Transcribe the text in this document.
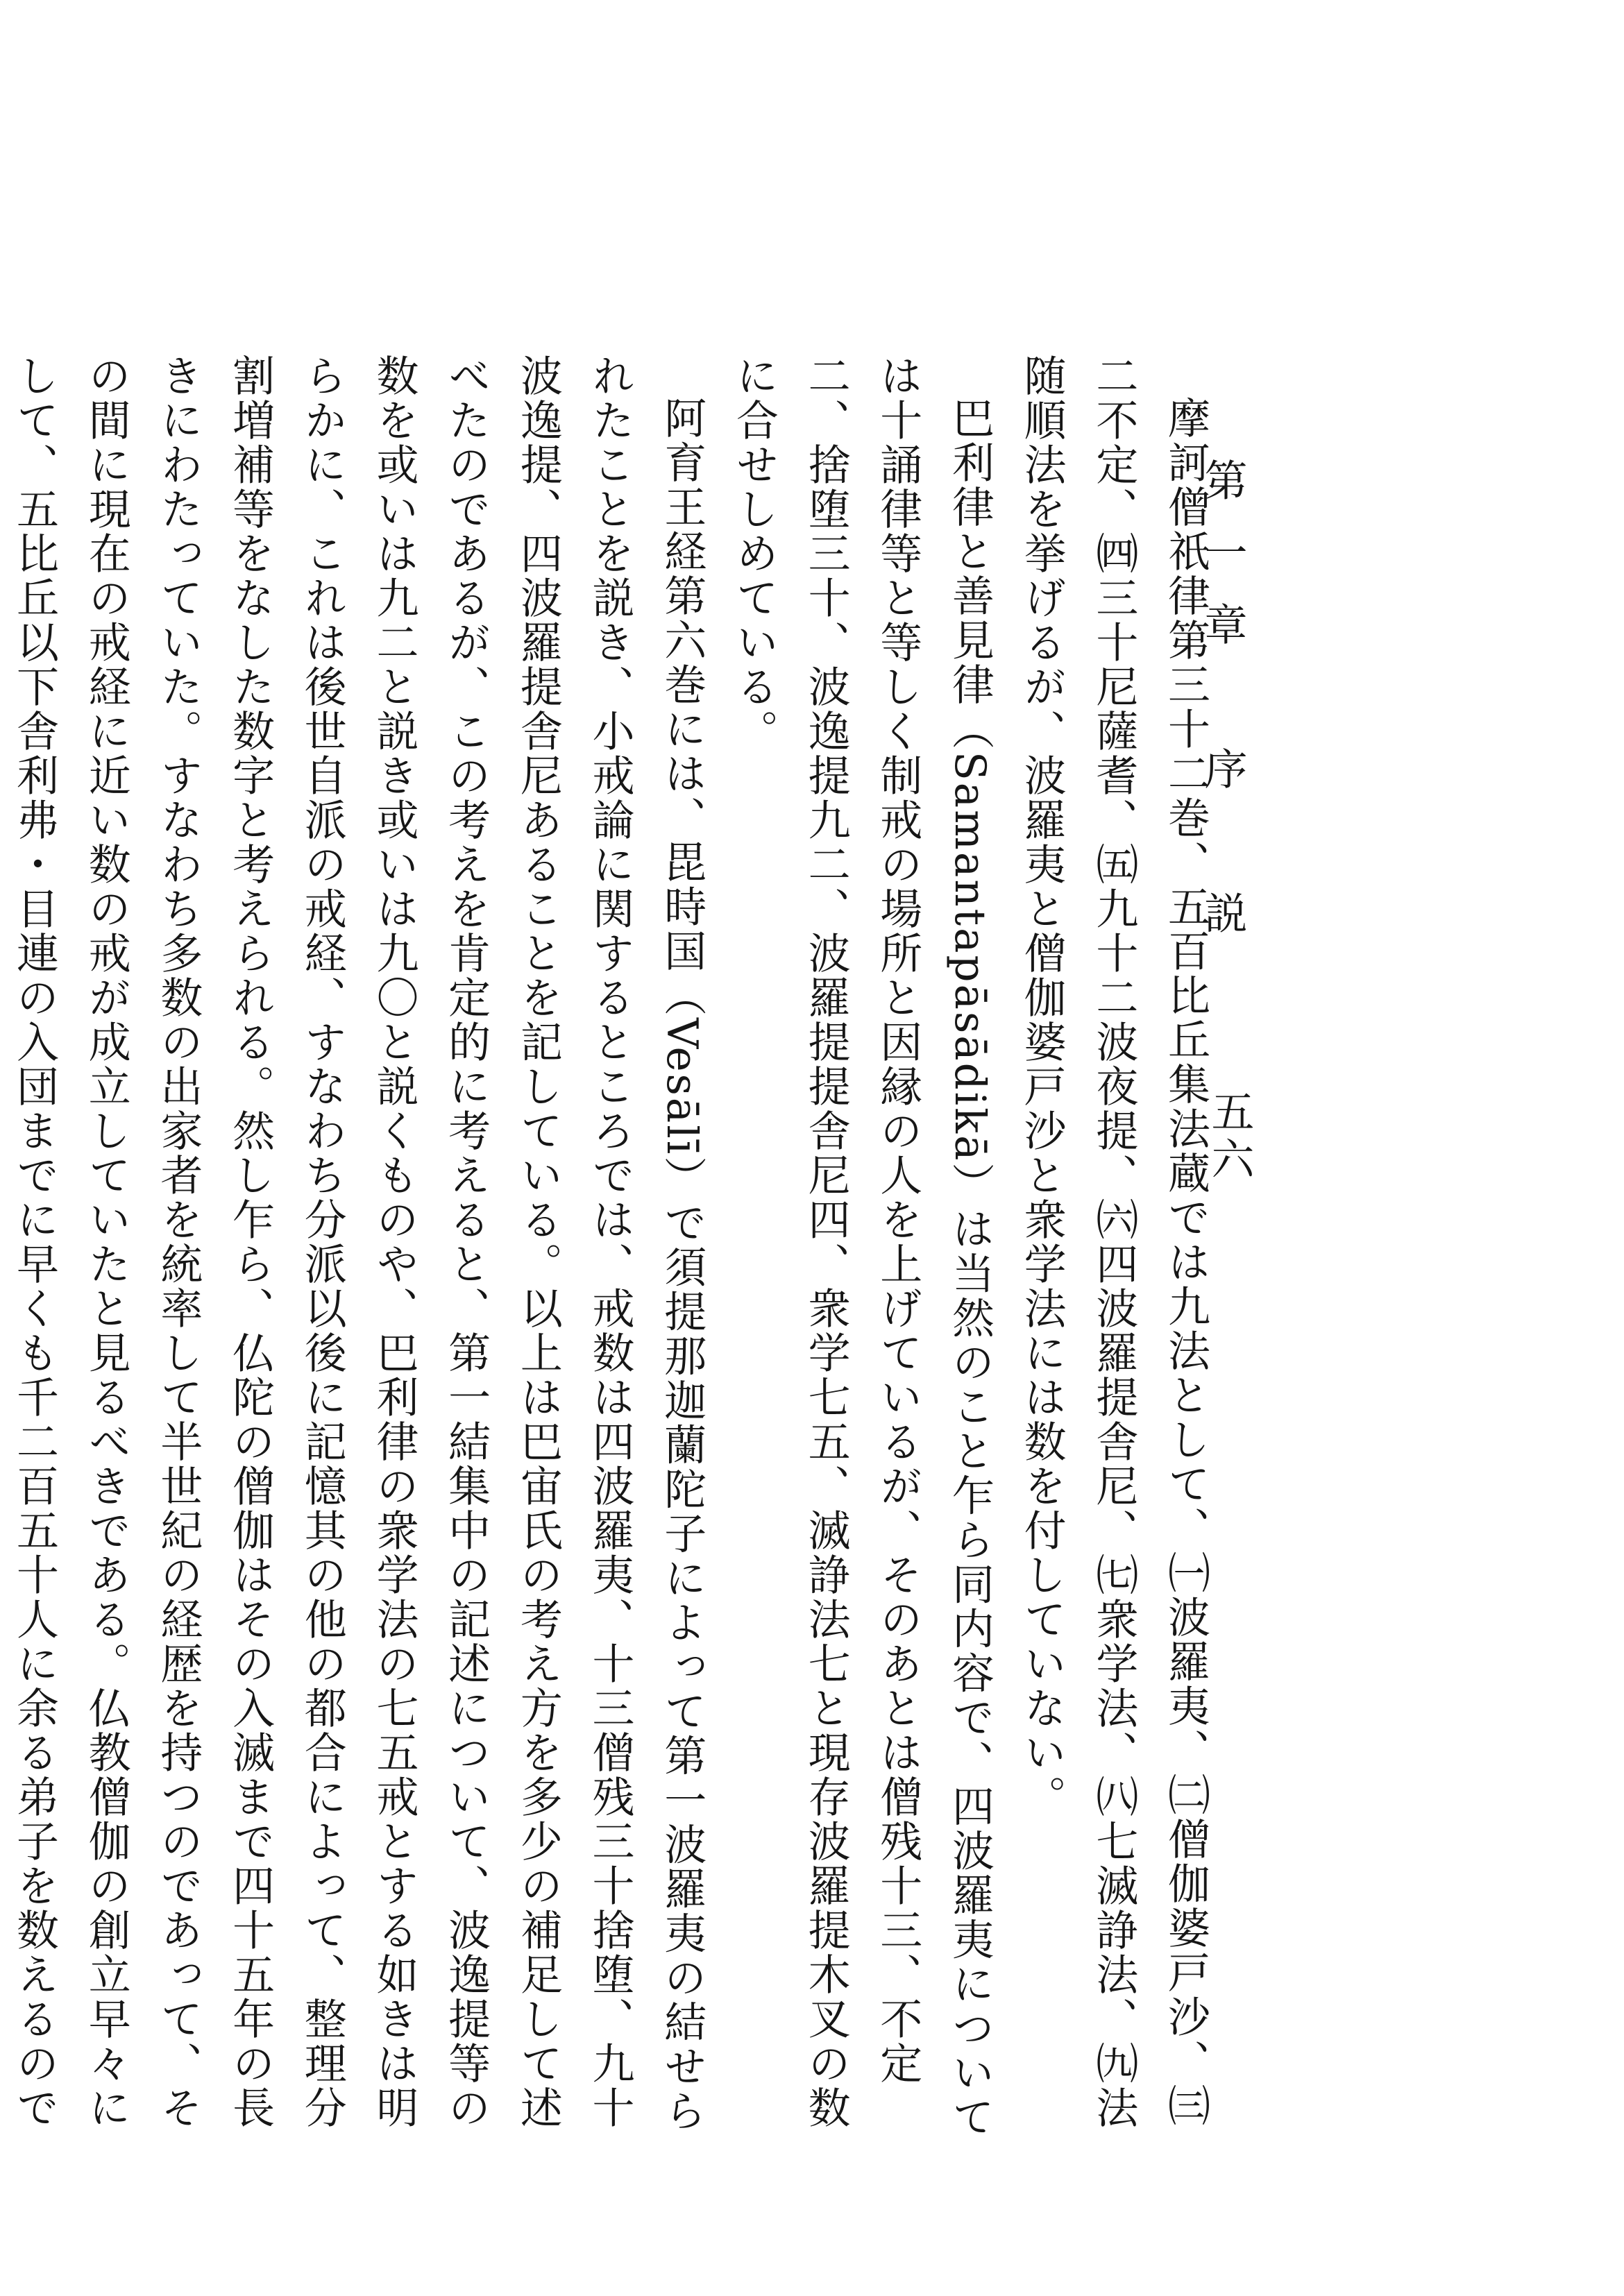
第一章　序　説
五六

摩訶僧祇律第三十二巻、五百比丘集法蔵では九法として、㈠波羅夷、㈡僧伽婆戸沙、㈢二不定、㈣三十尼薩耆、㈤九十二波夜提、㈥四波羅提舎尼、㈦衆学法、㈧七滅諍法、㈨法随順法を挙げるが、波羅夷と僧伽婆戸沙と衆学法には数を付していない。

巴利律と善見律（Samantapāsādikā）は当然のこと乍ら同内容で、四波羅夷については十誦律等と等しく制戒の場所と因縁の人を上げているが、そのあとは僧残十三、不定二、捨堕三十、波逸提九二、波羅提提舎尼四、衆学七五、滅諍法七と現存波羅提木叉の数に合せしめている。

阿育王経第六巻には、毘時国（Vesālī）で須提那迦蘭陀子によって第一波羅夷の結せられたことを説き、小戒論に関するところでは、戒数は四波羅夷、十三僧残三十捨堕、九十波逸提、四波羅提舎尼あることを記している。以上は巴宙氏の考え方を多少の補足して述べたのであるが、この考えを肯定的に考えると、第一結集中の記述について、波逸提等の数を或いは九二と説き或いは九〇と説くものや、巴利律の衆学法の七五戒とする如きは明らかに、これは後世自派の戒経、すなわち分派以後に記憶其の他の都合によって、整理分割増補等をなした数字と考えられる。然し乍ら、仏陀の僧伽はその入滅まで四十五年の長きにわたっていた。すなわち多数の出家者を統率して半世紀の経歴を持つのであって、その間に現在の戒経に近い数の戒が成立していたと見るべきである。仏教僧伽の創立早々にして、五比丘以下舎利弗・目連の入団までに早くも千二百五十人に余る弟子を数えるので
